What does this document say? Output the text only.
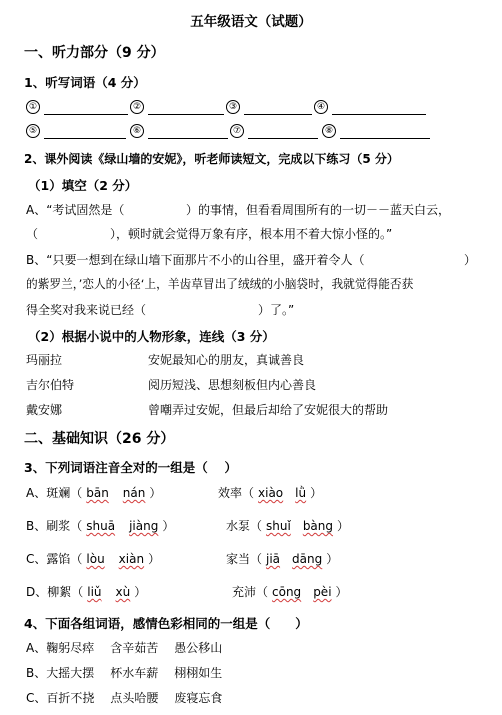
五年级语文（试题）
一、听力部分（9 分）
1、听写词语（4 分）
①	②	③	④
⑤	⑥	⑦	⑧
2、课外阅读《绿山墙的安妮》，听老师读短文，完成以下练习（5 分）
（1）填空（2 分）
A、“考试固然是（	）的事情，但看看周围所有的一切－－蓝天白云，
（	），顿时就会觉得万象有序，根本用不着大惊小怪的。”
B、“只要一想到在绿山墙下面那片不小的山谷里，盛开着令人（	）
的紫罗兰，’恋人的小径‘上，羊齿草冒出了绒绒的小脑袋时，我就觉得能否获
得全奖对我来说已经（	）了。”
（2）根据小说中的人物形象，连线（3 分）
玛丽拉	安妮最知心的朋友，真诚善良
吉尔伯特	阅历短浅、思想刻板但内心善良
戴安娜	曾嘲弄过安妮，但最后却给了安妮很大的帮助
二、基础知识（26 分）
3、下列词语注音全对的一组是（　 ）
A、斑斓（ bān nán ）	效率（ xiào lǜ ）
B、刷浆（ shuā jiàng ）	水泵（ shuǐ bàng ）
C、露馅（ lòu xiàn ）	家当（ jiā dāng ）
D、柳絮（ liǔ xù ）	充沛（ cōng pèi ）
4、下面各组词语，感情色彩相同的一组是（　　）
A、鞠躬尽瘁 含辛茹苦 愚公移山
B、大摇大摆 杯水车薪 栩栩如生
C、百折不挠 点头哈腰 废寝忘食
